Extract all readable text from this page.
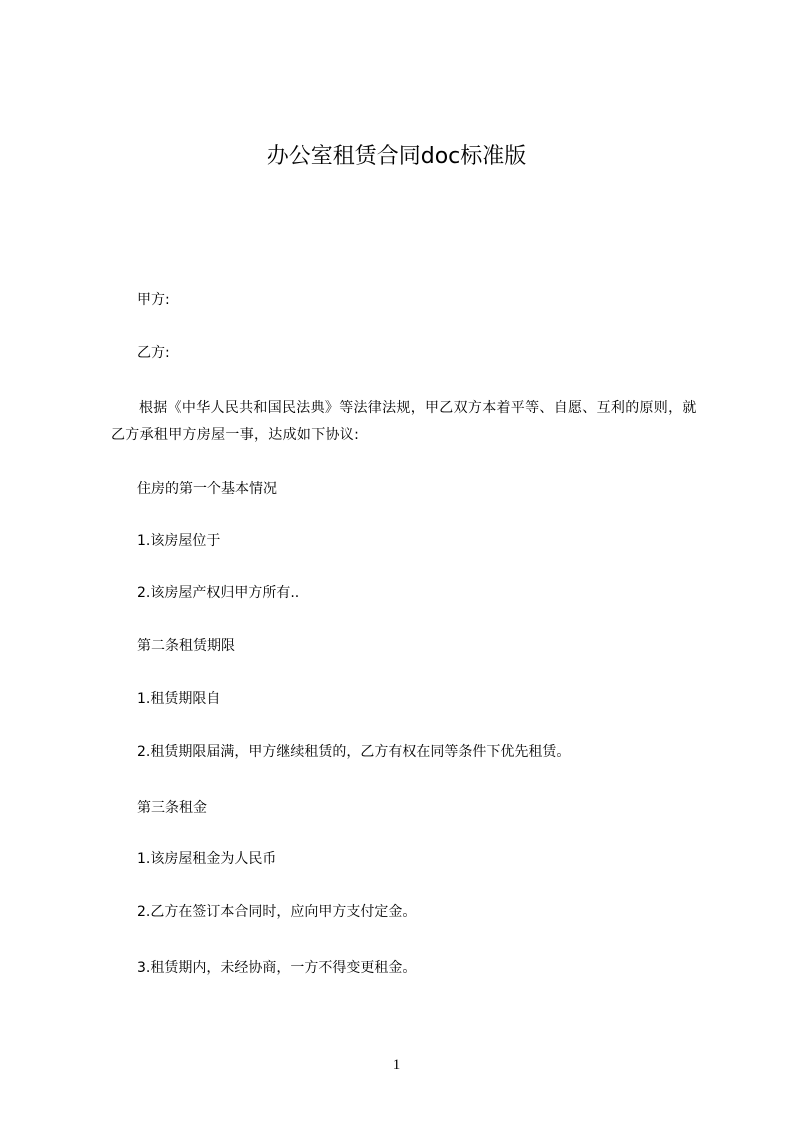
办公室租赁合同doc标准版

甲方:

乙方:

根据《中华人民共和国民法典》等法律法规，甲乙双方本着平等、自愿、互利的原则，就乙方承租甲方房屋一事，达成如下协议:

住房的第一个基本情况

1.该房屋位于

2.该房屋产权归甲方所有..

第二条租赁期限

1.租赁期限自

2.租赁期限届满，甲方继续租赁的，乙方有权在同等条件下优先租赁。

第三条租金

1.该房屋租金为人民币

2.乙方在签订本合同时，应向甲方支付定金。

3.租赁期内，未经协商，一方不得变更租金。

1
